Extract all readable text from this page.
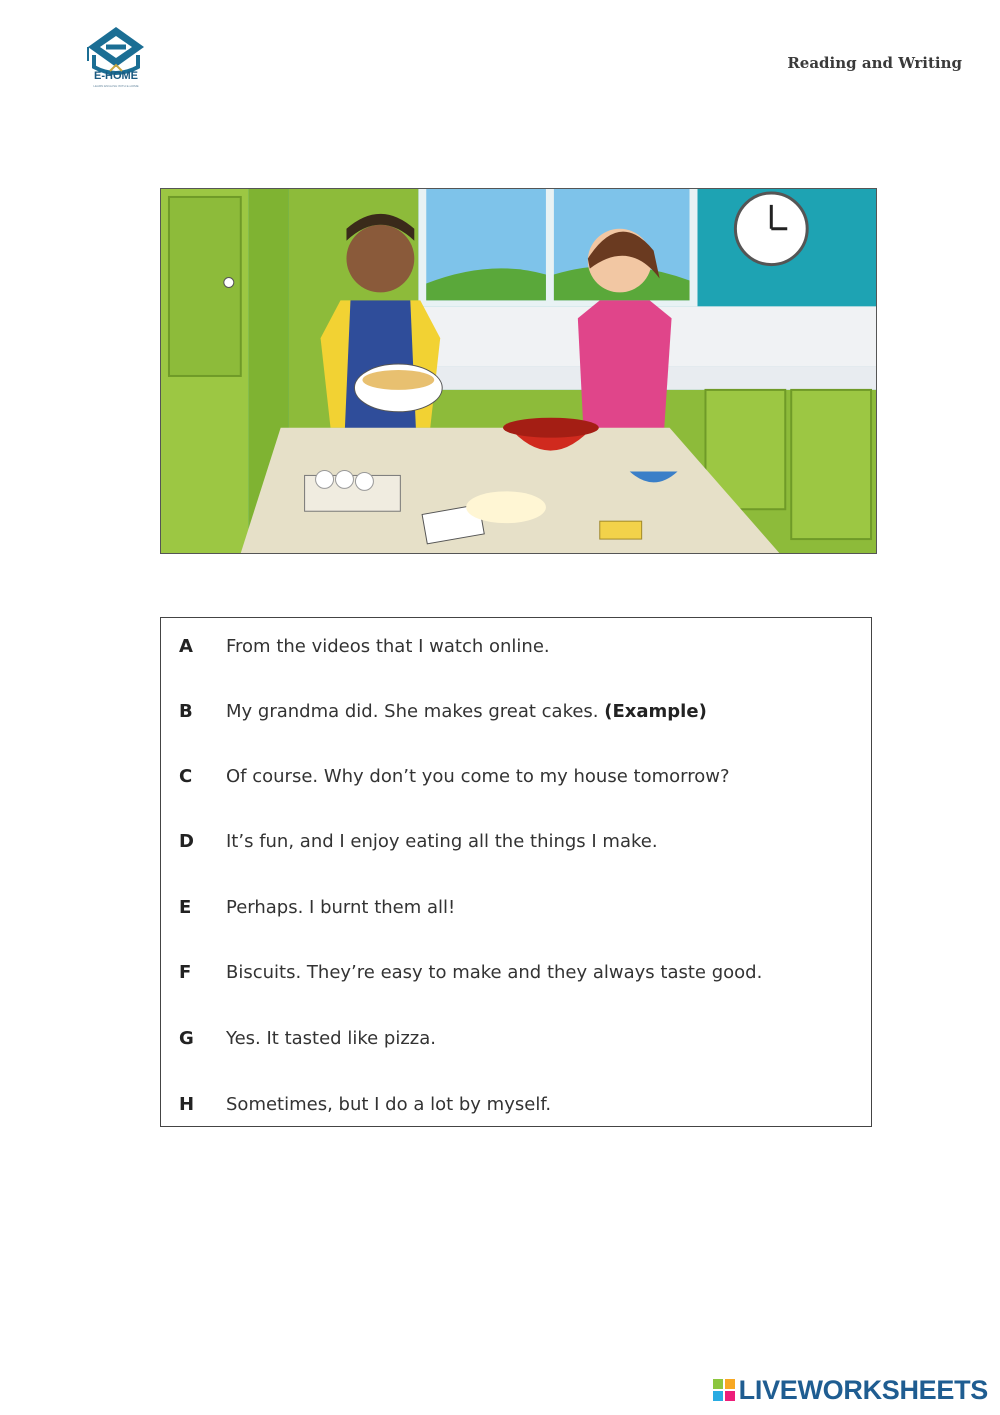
E-HOME
LEARN ENGLISH WITH E-HOME
Reading and Writing
A From the videos that I watch online.
B My grandma did. She makes great cakes. (Example)
C Of course. Why don’t you come to my house tomorrow?
D It’s fun, and I enjoy eating all the things I make.
E Perhaps. I burnt them all!
F Biscuits. They’re easy to make and they always taste good.
G Yes. It tasted like pizza.
H Sometimes, but I do a lot by myself.
LIVEWORKSHEETS
